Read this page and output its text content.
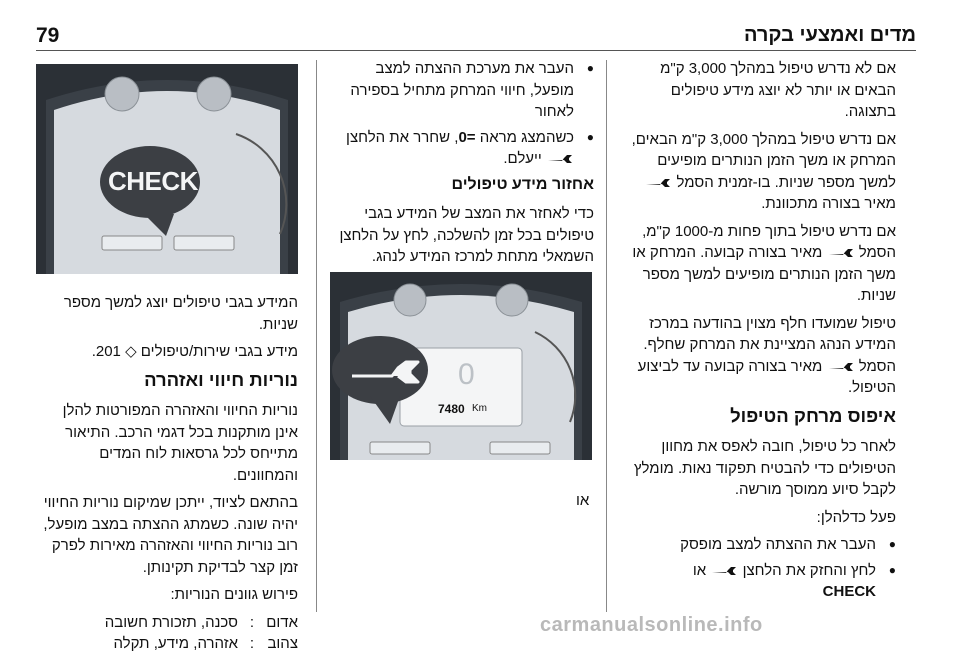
79	מדים ואמצעי בקרה

אם לא נדרש טיפול במהלך 3,000 ק"מ הבאים או יותר לא יוצג מידע טיפולים בתצוגה.

אם נדרש טיפול במהלך 3,000 ק"מ הבאים, המרחק או משך הזמן הנותרים מופיעים למשך מספר שניות. בו-זמנית הסמל  מאיר בצורה מתכוונת.

אם נדרש טיפול בתוך פחות מ-1000 ק"מ, הסמל  מאיר בצורה קבועה. המרחק או משך הזמן הנותרים מופיעים למשך מספר שניות.

טיפול שמועדו חלף מצוין בהודעה במרכז המידע הנהג המציינת את המרחק שחלף. הסמל  מאיר בצורה קבועה עד לביצוע הטיפול.

איפוס מרחק הטיפול

לאחר כל טיפול, חובה לאפס את מחוון הטיפולים כדי להבטיח תפקוד נאות. מומלץ לקבל סיוע ממוסך מורשה.

פעל כדלהלן:

● העבר את ההצתה למצב מופסק
● לחץ והחזק את הלחצן  או
CHECK
● העבר את מערכת ההצתה למצב מופעל, חיווי המרחק מתחיל בספירה לאחור
● כשהמצג מראה =0, שחרר את הלחצן
ייעלם.
אחזור מידע טיפולים

כדי לאחזר את המצב של המידע בגבי טיפולים בכל זמן להשלכה, לחץ על הלחצן השמאלי מתחת למרכז המידע לנהג.

0
7480 Km
או
CHECK

המידע בגבי טיפולים יוצג למשך מספר שניות.

מידע בגבי שירות/טיפולים ◇ 201.

נוריות חיווי ואזהרה

נוריות החיווי והאזהרה המפורטות להלן אינן מותקנות בכל דגמי הרכב. התיאור מתייחס לכל גרסאות לוח המדים והמחוונים.

בהתאם לציוד, ייתכן שמיקום נוריות החיווי יהיה שונה. כשמתג ההצתה במצב מופעל, רוב נוריות החיווי והאזהרה מאירות לפרק זמן קצר לבדיקת תקינותן.

פירוש גוונים הנוריות:

אדום
:
סכנה, תזכורת חשובה
צהוב
:
אזהרה, מידע, תקלה
carmanualsonline.info
